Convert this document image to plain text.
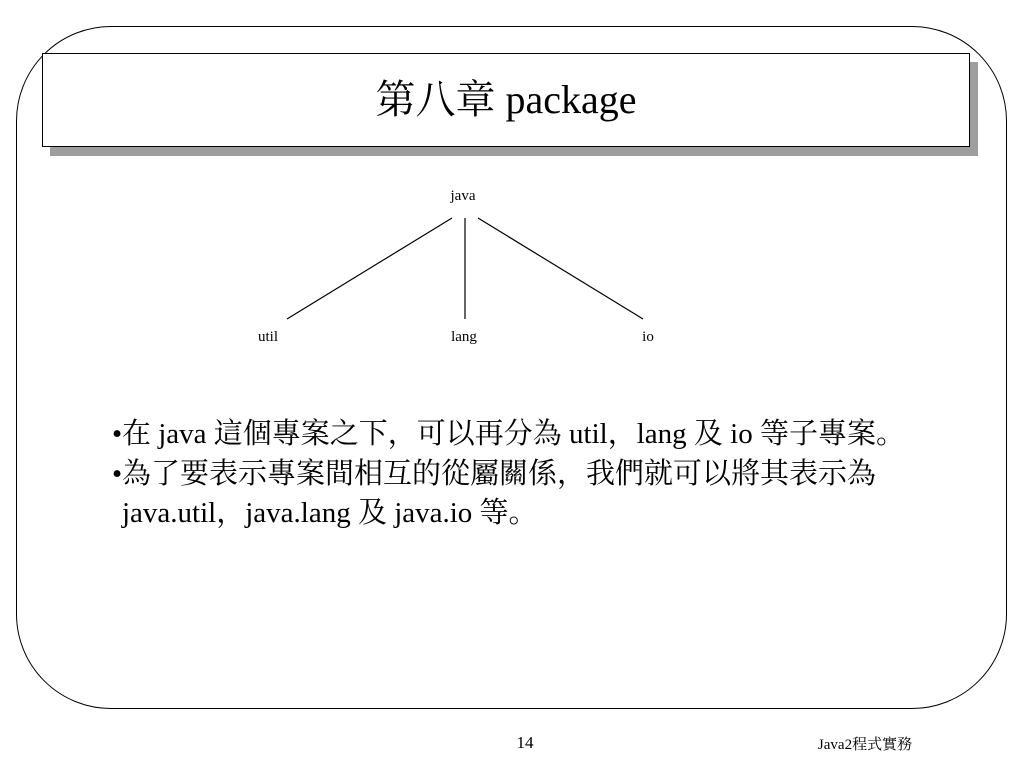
第八章 package
java
util	lang	io
• 在 java 這個專案之下，可以再分為 util，lang 及 io 等子專案。
• 為了要表示專案間相互的從屬關係，我們就可以將其表示為 java.util，java.lang 及 java.io 等。
14	Java2程式實務
